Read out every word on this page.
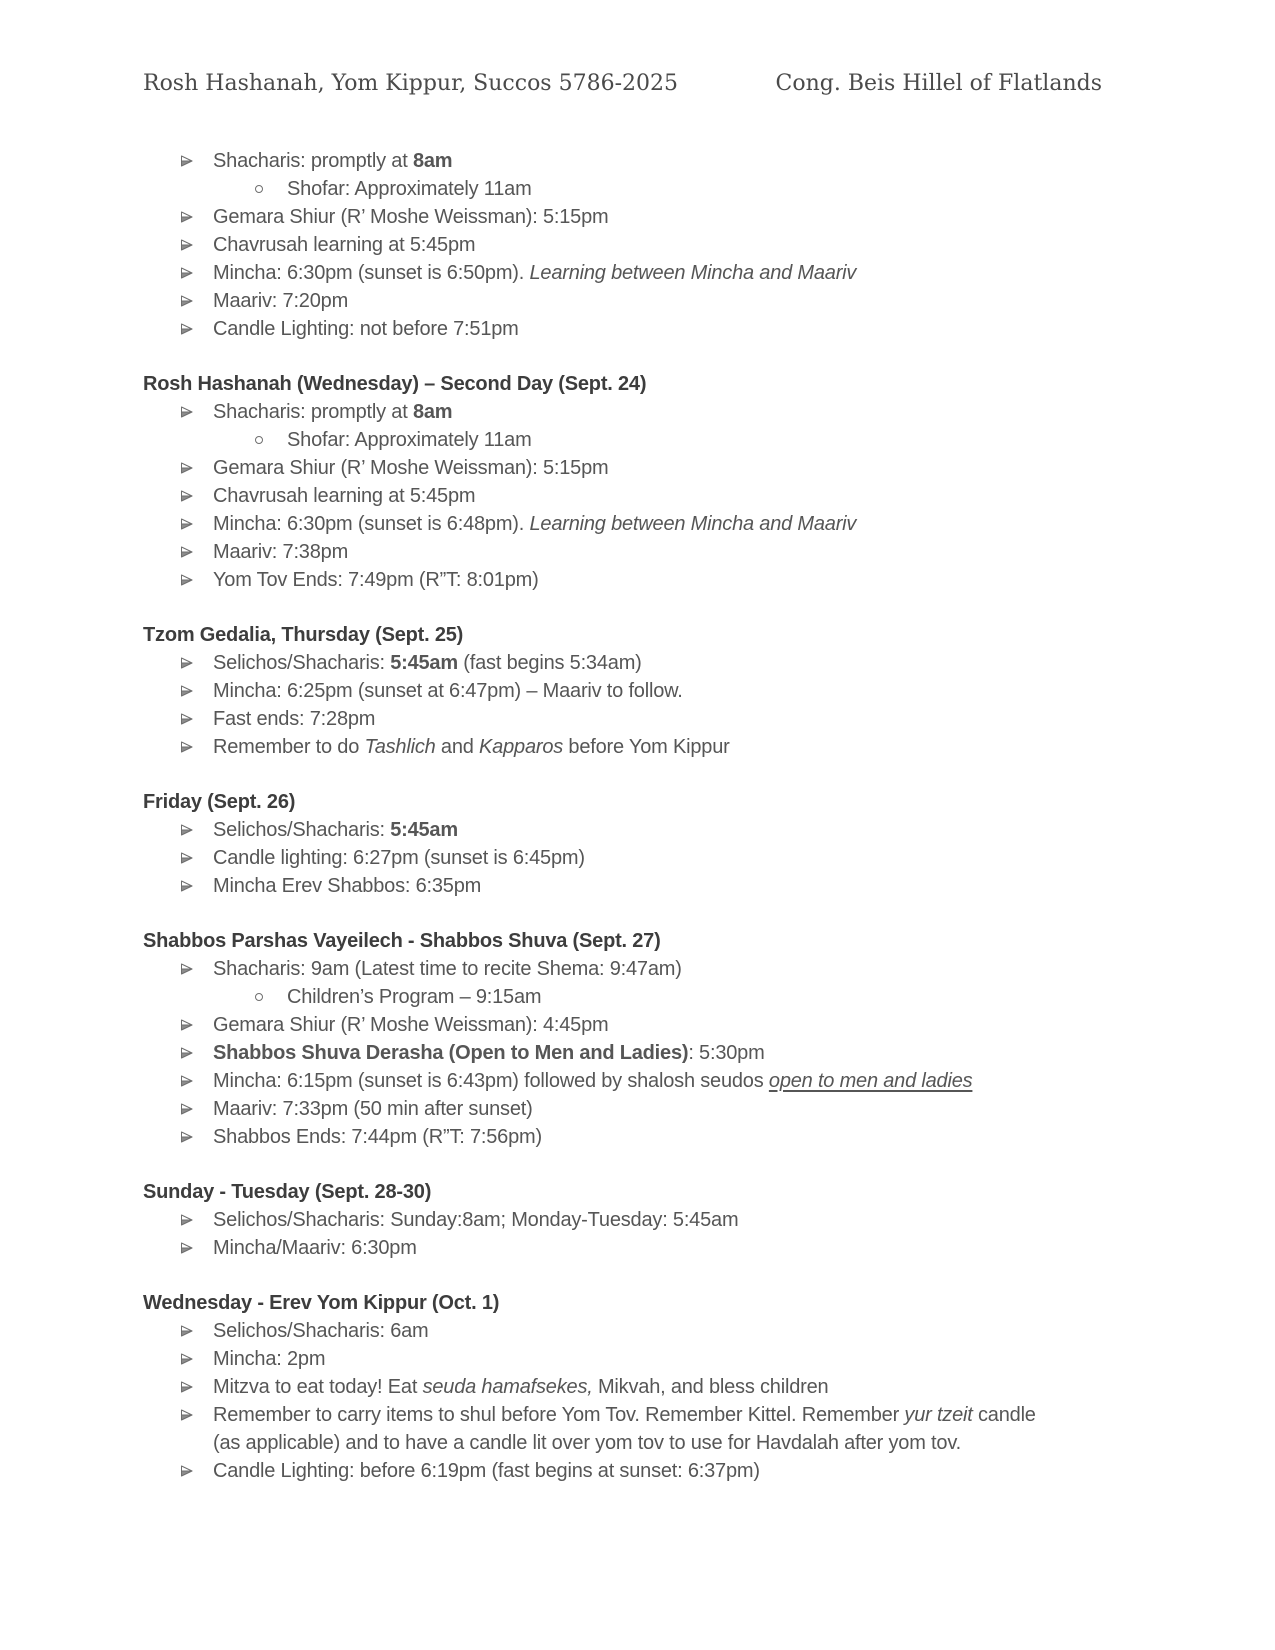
Rosh Hashanah, Yom Kippur, Succos 5786-2025	Cong. Beis Hillel of Flatlands
Shacharis: promptly at 8am
Shofar: Approximately 11am
Gemara Shiur (R’ Moshe Weissman): 5:15pm
Chavrusah learning at 5:45pm
Mincha: 6:30pm (sunset is 6:50pm). Learning between Mincha and Maariv
Maariv: 7:20pm
Candle Lighting: not before 7:51pm
Rosh Hashanah (Wednesday) – Second Day (Sept. 24)
Shacharis: promptly at 8am
Shofar: Approximately 11am
Gemara Shiur (R’ Moshe Weissman): 5:15pm
Chavrusah learning at 5:45pm
Mincha: 6:30pm (sunset is 6:48pm). Learning between Mincha and Maariv
Maariv: 7:38pm
Yom Tov Ends: 7:49pm (R”T: 8:01pm)
Tzom Gedalia, Thursday (Sept. 25)
Selichos/Shacharis: 5:45am (fast begins 5:34am)
Mincha: 6:25pm (sunset at 6:47pm) – Maariv to follow.
Fast ends: 7:28pm
Remember to do Tashlich and Kapparos before Yom Kippur
Friday (Sept. 26)
Selichos/Shacharis: 5:45am
Candle lighting: 6:27pm (sunset is 6:45pm)
Mincha Erev Shabbos: 6:35pm
Shabbos Parshas Vayeilech - Shabbos Shuva (Sept. 27)
Shacharis: 9am (Latest time to recite Shema: 9:47am)
Children’s Program – 9:15am
Gemara Shiur (R’ Moshe Weissman): 4:45pm
Shabbos Shuva Derasha (Open to Men and Ladies): 5:30pm
Mincha: 6:15pm (sunset is 6:43pm) followed by shalosh seudos open to men and ladies
Maariv: 7:33pm (50 min after sunset)
Shabbos Ends: 7:44pm (R”T: 7:56pm)
Sunday - Tuesday (Sept. 28-30)
Selichos/Shacharis: Sunday:8am; Monday-Tuesday: 5:45am
Mincha/Maariv: 6:30pm
Wednesday - Erev Yom Kippur (Oct. 1)
Selichos/Shacharis: 6am
Mincha: 2pm
Mitzva to eat today! Eat seuda hamafsekes, Mikvah, and bless children
Remember to carry items to shul before Yom Tov. Remember Kittel. Remember yur tzeit candle
(as applicable) and to have a candle lit over yom tov to use for Havdalah after yom tov.
Candle Lighting: before 6:19pm (fast begins at sunset: 6:37pm)
